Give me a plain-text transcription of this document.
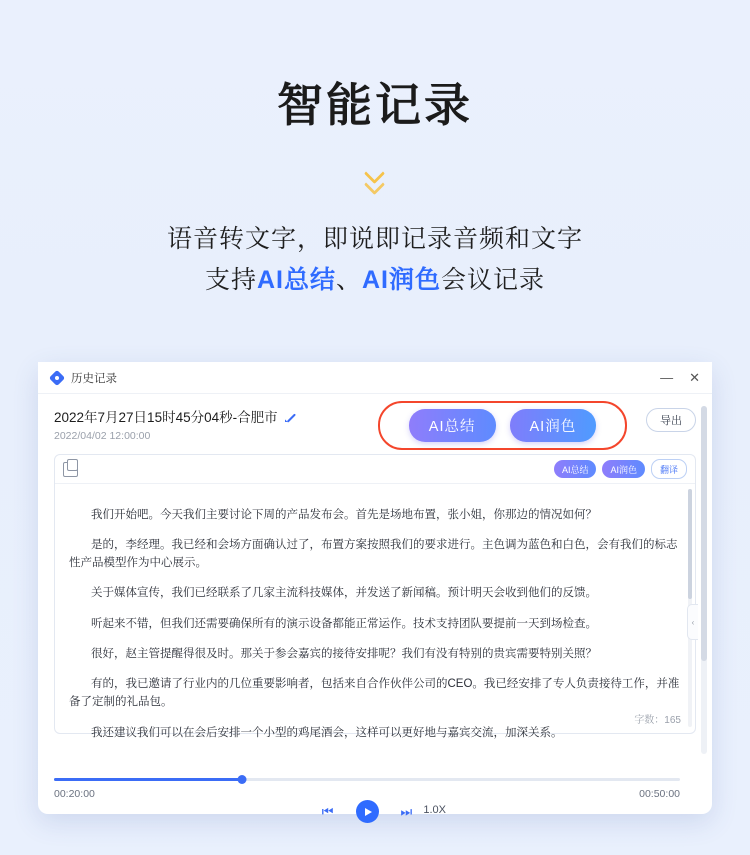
智能记录
语音转文字，即说即记录音频和文字
支持AI总结、AI润色会议记录
历史记录	— ✕
2022年7月27日15时45分04秒-合肥市
2022/04/02 12:00:00
AI总结	AI润色	导出
AI总结	AI润色	翻译

我们开始吧。今天我们主要讨论下周的产品发布会。首先是场地布置，张小姐，你那边的情况如何？

是的，李经理。我已经和会场方面确认过了，布置方案按照我们的要求进行。主色调为蓝色和白色，会有我们的标志性产品模型作为中心展示。

关于媒体宣传，我们已经联系了几家主流科技媒体，并发送了新闻稿。预计明天会收到他们的反馈。

听起来不错，但我们还需要确保所有的演示设备都能正常运作。技术支持团队要提前一天到场检查。

很好，赵主管提醒得很及时。那关于参会嘉宾的接待安排呢？我们有没有特别的贵宾需要特别关照？

有的，我已邀请了行业内的几位重要影响者，包括来自合作伙伴公司的CEO。我已经安排了专人负责接待工作，并准备了定制的礼品包。

我还建议我们可以在会后安排一个小型的鸡尾酒会，这样可以更好地与嘉宾交流，加深关系。

字数：165
‹
00:20:00	00:50:00
⏮	⏭ 1.0X
